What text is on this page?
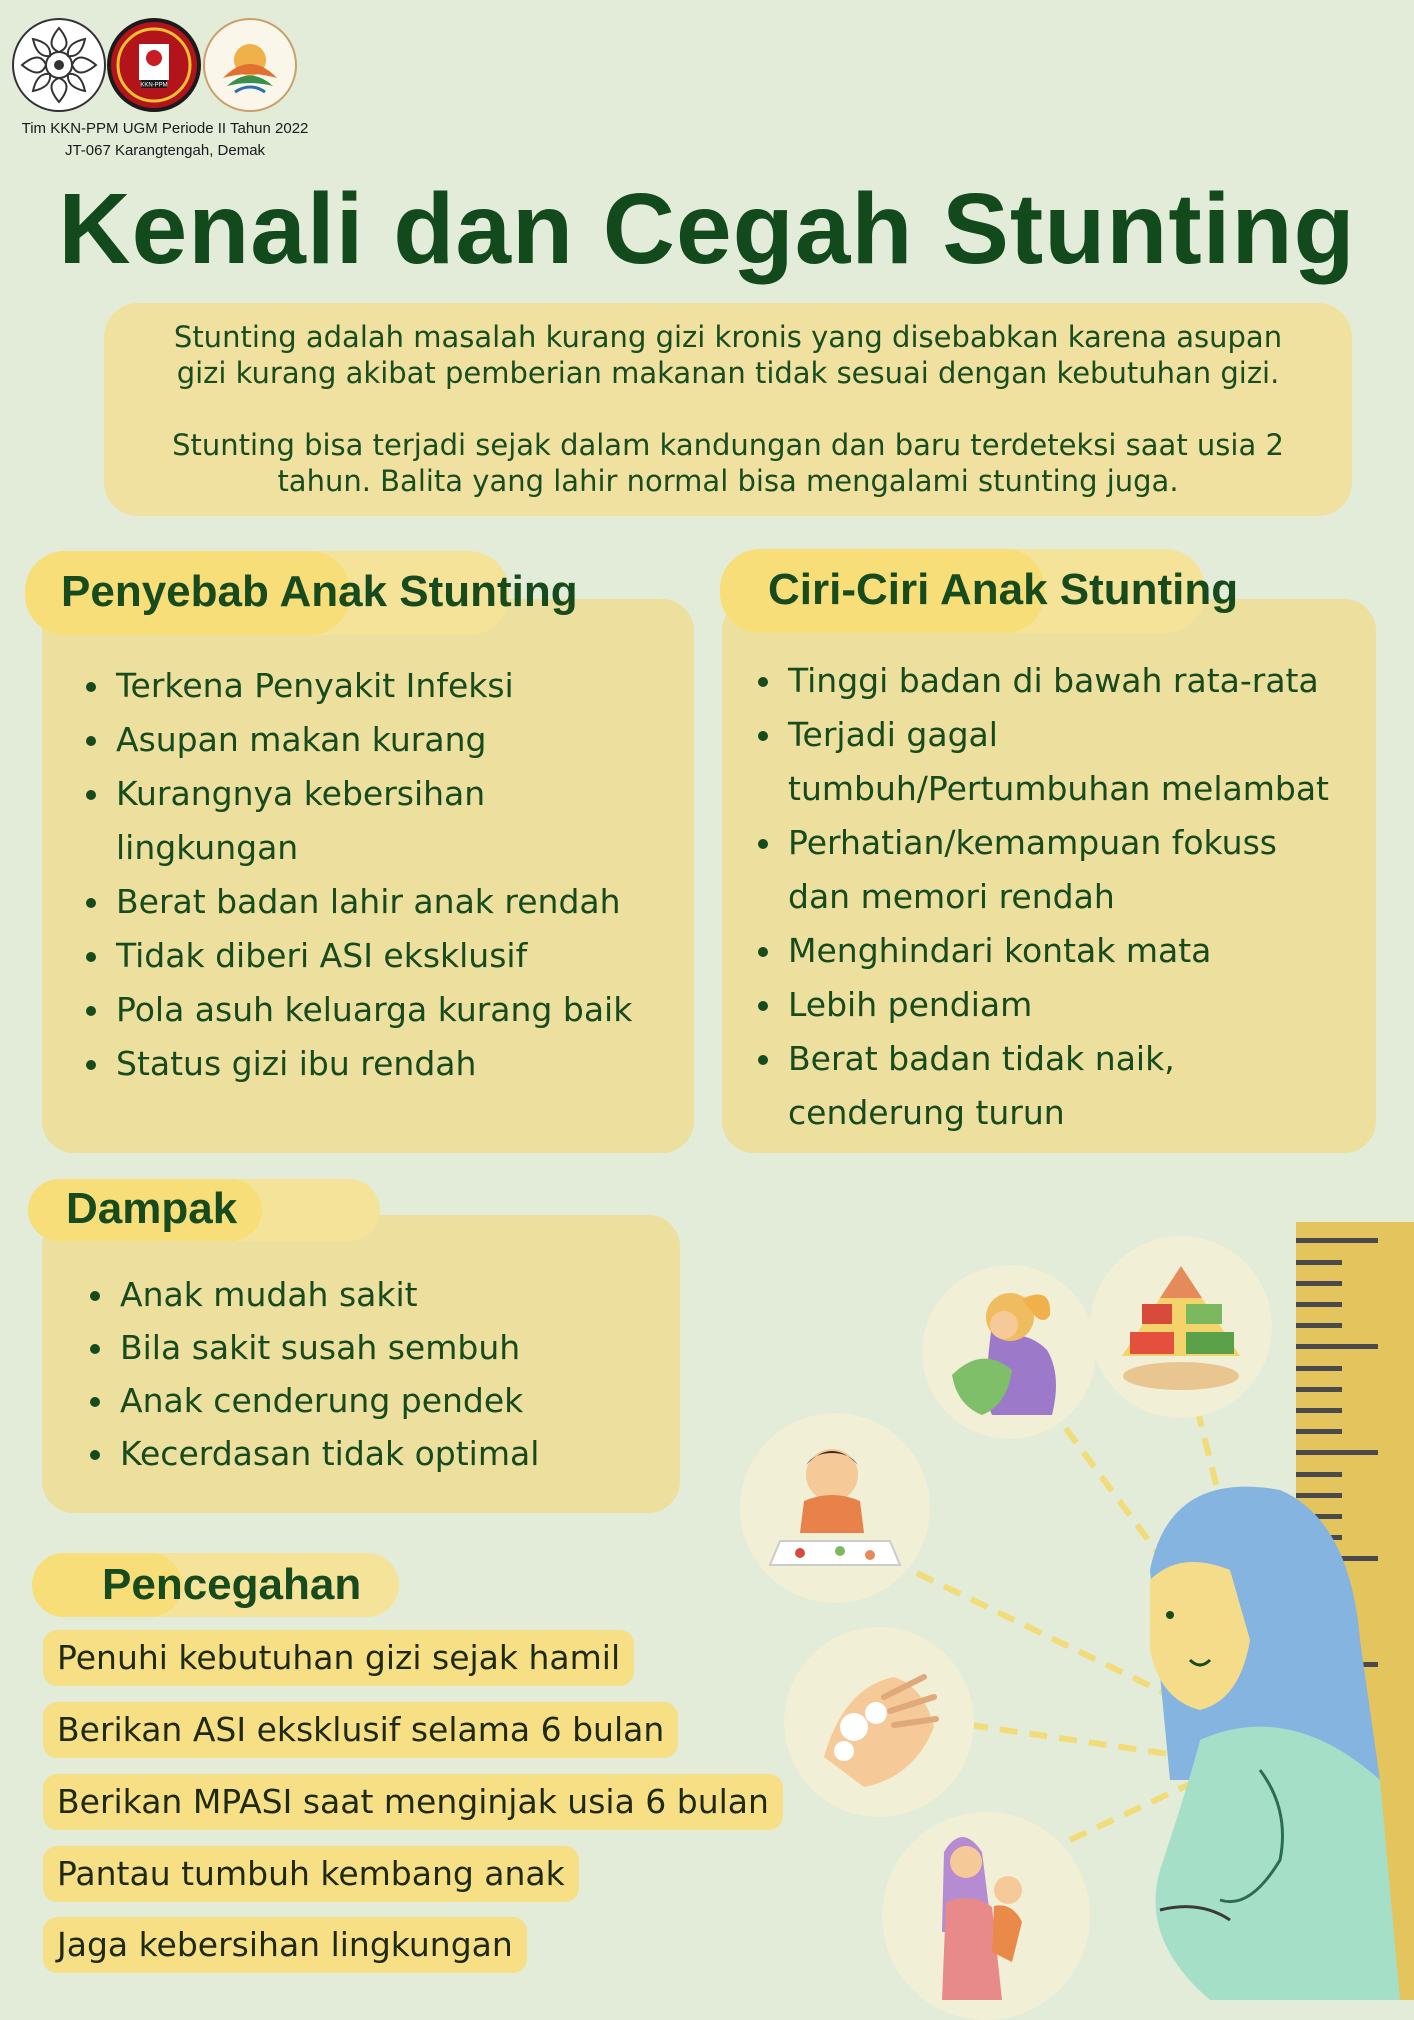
KKN-PPM
Tim KKN-PPM UGM Periode II Tahun 2022
JT-067 Karangtengah, Demak
Kenali dan Cegah Stunting

Stunting adalah masalah kurang gizi kronis yang disebabkan karena asupan gizi kurang akibat pemberian makanan tidak sesuai dengan kebutuhan gizi.

Stunting bisa terjadi sejak dalam kandungan dan baru terdeteksi saat usia 2 tahun. Balita yang lahir normal bisa mengalami stunting juga.

Penyebab Anak Stunting
Terkena Penyakit Infeksi
Asupan makan kurang
Kurangnya kebersihan lingkungan
Berat badan lahir anak rendah
Tidak diberi ASI eksklusif
Pola asuh keluarga kurang baik
Status gizi ibu rendah
Ciri-Ciri Anak Stunting
Tinggi badan di bawah rata-rata
Terjadi gagal tumbuh/Pertumbuhan melambat
Perhatian/kemampuan fokuss dan memori rendah
Menghindari kontak mata
Lebih pendiam
Berat badan tidak naik, cenderung turun
Dampak
Anak mudah sakit
Bila sakit susah sembuh
Anak cenderung pendek
Kecerdasan tidak optimal
Pencegahan
Penuhi kebutuhan gizi sejak hamil
Berikan ASI eksklusif selama 6 bulan
Berikan MPASI saat menginjak usia 6 bulan
Pantau tumbuh kembang anak
Jaga kebersihan lingkungan
